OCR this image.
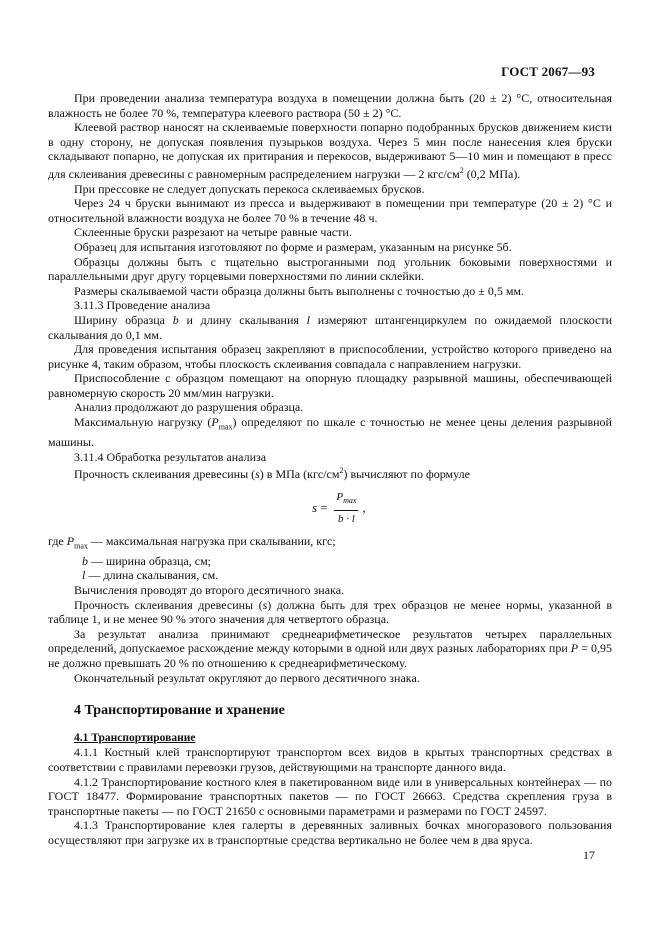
ГОСТ 2067—93

При проведении анализа температура воздуха в помещении должна быть (20 ± 2) °С, относительная влажность не более 70 %, температура клеевого раствора (50 ± 2) °С.

Клеевой раствор наносят на склеиваемые поверхности попарно подобранных брусков движением кисти в одну сторону, не допуская появления пузырьков воздуха. Через 5 мин после нанесения клея бруски складывают попарно, не допуская их притирания и перекосов, выдерживают 5—10 мин и помещают в пресс для склеивания древесины с равномерным распределением нагрузки — 2 кгс/$см^2$ (0,2 МПа).

При прессовке не следует допускать перекоса склеиваемых брусков.

Через 24 ч бруски вынимают из пресса и выдерживают в помещении при температуре (20 ± 2) °С и относительной влажности воздуха не более 70 % в течение 48 ч.

Склеенные бруски разрезают на четыре равные части.

Образец для испытания изготовляют по форме и размерам, указанным на рисунке 5б.

Образцы должны быть с тщательно выстроганными под угольник боковыми поверхностями и параллельными друг другу торцевыми поверхностями по линии склейки.

Размеры скалываемой части образца должны быть выполнены с точностью до ± 0,5 мм.

3.11.3 Проведение анализа

Ширину образца b и длину скалывания l измеряют штангенциркулем по ожидаемой плоскости скалывания до 0,1 мм.

Для проведения испытания образец закрепляют в приспособлении, устройство которого приведено на рисунке 4, таким образом, чтобы плоскость склеивания совпадала с направлением нагрузки.

Приспособление с образцом помещают на опорную площадку разрывной машины, обеспечивающей равномерную скорость 20 мм/мин нагрузки.

Анализ продолжают до разрушения образца.

Максимальную нагрузку $(P_{max})$ определяют по шкале с точностью не менее цены деления разрывной машины.

3.11.4 Обработка результатов анализа

Прочность склеивания древесины (s) в МПа $(кгс/см^2)$ вычисляют по формуле

$s = \frac{P_{max}}{b \cdot l}$ ,
где $P_{max}$ — максимальная нагрузка при скалывании, кгс;
b — ширина образца, см;
l — длина скалывания, см.

Вычисления проводят до второго десятичного знака.

Прочность склеивания древесины (s) должна быть для трех образцов не менее нормы, указанной в таблице 1, и не менее 90 % этого значения для четвертого образца.

За результат анализа принимают среднеарифметическое результатов четырех параллельных определений, допускаемое расхождение между которыми в одной или двух разных лабораториях при P = 0,95 не должно превышать 20 % по отношению к среднеарифметическому.

Окончательный результат округляют до первого десятичного знака.

4 Транспортирование и хранение

4.1 Транспортирование

4.1.1 Костный клей транспортируют транспортом всех видов в крытых транспортных средствах в соответствии с правилами перевозки грузов, действующими на транспорте данного вида.

4.1.2 Транспортирование костного клея в пакетированном виде или в универсальных контейнерах — по ГОСТ 18477. Формирование транспортных пакетов — по ГОСТ 26663. Средства скрепления груза в транспортные пакеты — по ГОСТ 21650 с основными параметрами и размерами по ГОСТ 24597.

4.1.3 Транспортирование клея галерты в деревянных заливных бочках многоразового пользования осуществляют при загрузке их в транспортные средства вертикально не более чем в два яруса.

17
